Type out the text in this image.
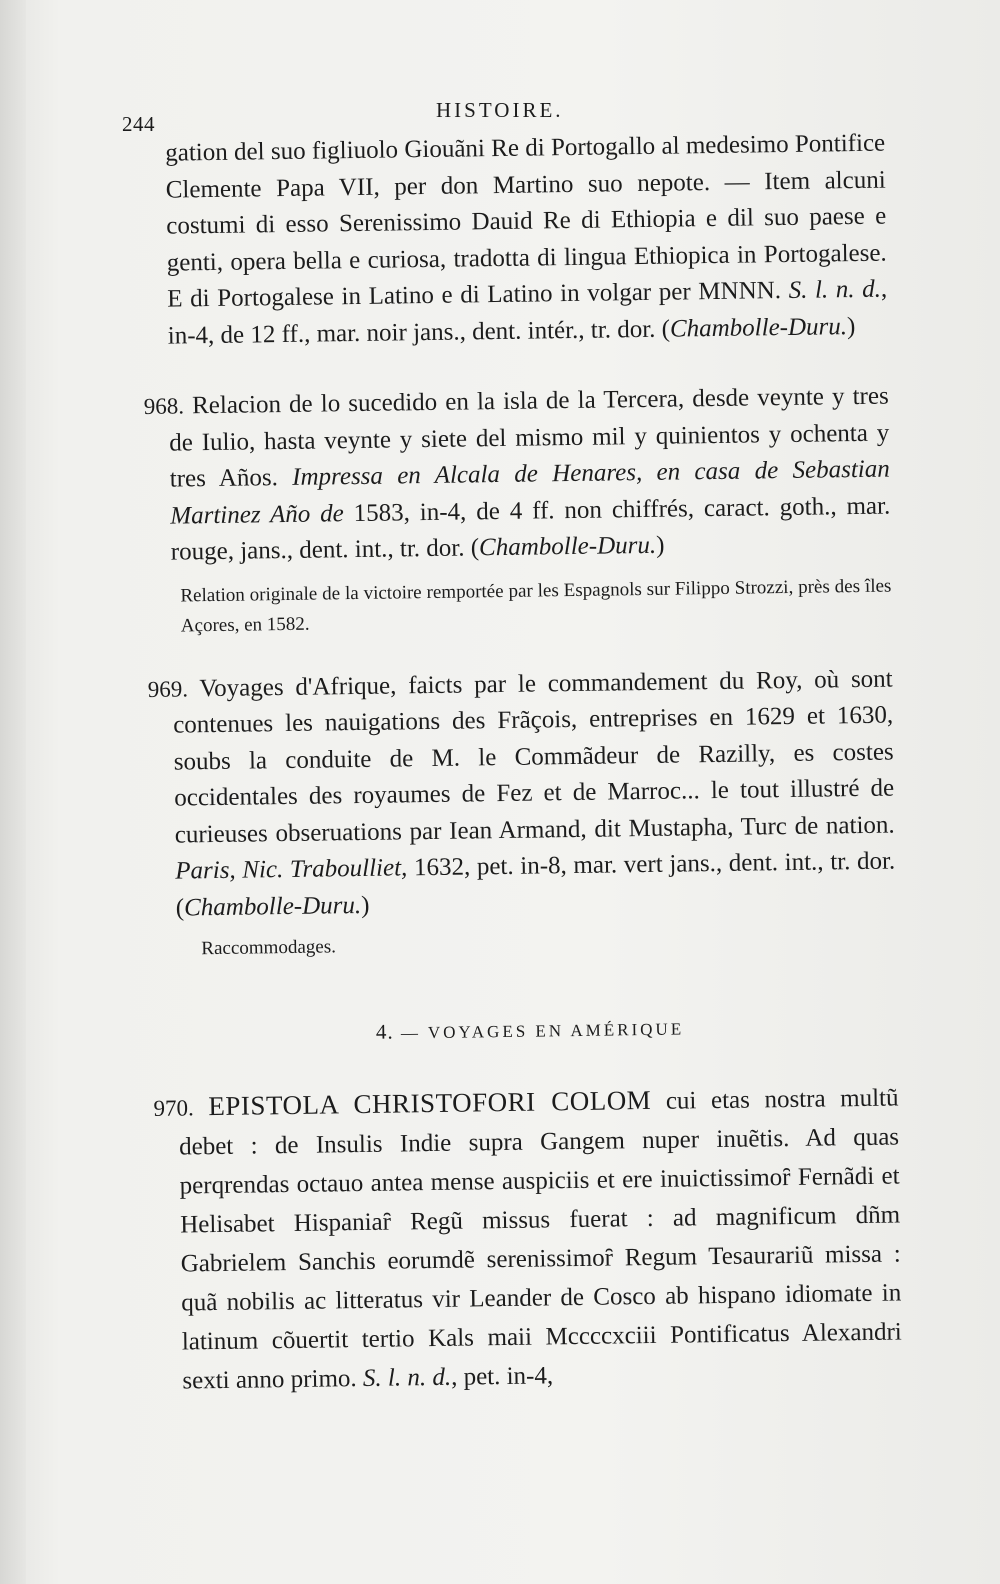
244
HISTOIRE.

gation del suo figliuolo Giouãni Re di Portogallo al medesimo Pontifice Clemente Papa VII, per don Martino suo nepote. — Item alcuni costumi di esso Serenissimo Dauid Re di Ethiopia e dil suo paese e genti, opera bella e curiosa, tradotta di lingua Ethiopica in Portogalese. E di Portogalese in Latino e di Latino in volgar per MNNN. S. l. n. d., in-4, de 12 ff., mar. noir jans., dent. intér., tr. dor. (Chambolle-Duru.)

968. Relacion de lo sucedido en la isla de la Tercera, desde veynte y tres de Iulio, hasta veynte y siete del mismo mil y quinientos y ochenta y tres Años. Impressa en Alcala de Henares, en casa de Sebastian Martinez Año de 1583, in-4, de 4 ff. non chiffrés, caract. goth., mar. rouge, jans., dent. int., tr. dor. (Chambolle-Duru.)

Relation originale de la victoire remportée par les Espagnols sur Filippo Strozzi, près des îles Açores, en 1582.

969. Voyages d'Afrique, faicts par le commandement du Roy, où sont contenues les nauigations des Frãçois, entreprises en 1629 et 1630, soubs la conduite de M. le Commãdeur de Razilly, es costes occidentales des royaumes de Fez et de Marroc... le tout illustré de curieuses obseruations par Iean Armand, dit Mustapha, Turc de nation. Paris, Nic. Traboulliet, 1632, pet. in-8, mar. vert jans., dent. int., tr. dor. (Chambolle-Duru.)

Raccommodages.

4. — VOYAGES EN AMÉRIQUE

970. EPISTOLA CHRISTOFORI COLOM cui etas nostra multũ debet : de Insulis Indie supra Gangem nuper inuẽtis. Ad quas perqrendas octauo antea mense auspiciis et ere inuictissimoȓ Fernãdi et Helisabet Hispaniaȓ Regũ missus fuerat : ad magnificum dñm Gabrielem Sanchis eorumdẽ serenissimoȓ Regum Tesaurariũ missa : quã nobilis ac litteratus vir Leander de Cosco ab hispano idiomate in latinum cõuertit tertio Kals maii Mccccxciii Pontificatus Alexandri sexti anno primo. S. l. n. d., pet. in-4,
